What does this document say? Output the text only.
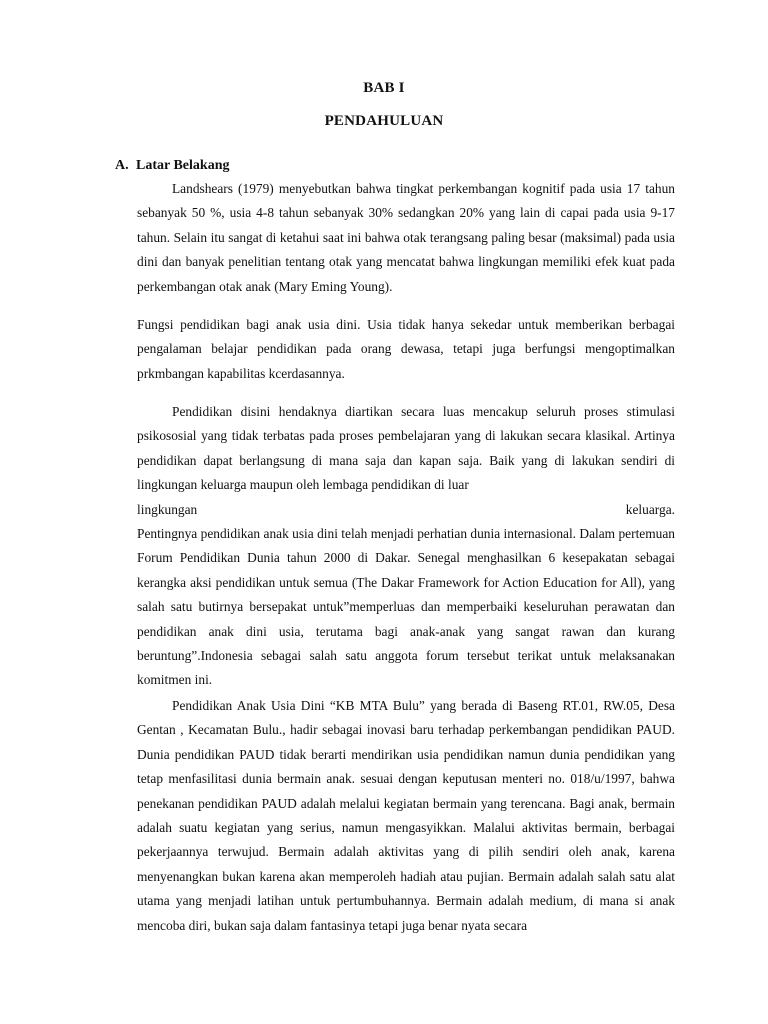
BAB I
PENDAHULUAN
A. Latar Belakang

Landshears (1979) menyebutkan bahwa tingkat perkembangan kognitif pada usia 17 tahun sebanyak 50 %, usia 4-8 tahun sebanyak 30% sedangkan 20% yang lain di capai pada usia 9-17 tahun. Selain itu sangat di ketahui saat ini bahwa otak terangsang paling besar (maksimal) pada usia dini dan banyak penelitian tentang otak yang mencatat bahwa lingkungan memiliki efek kuat pada perkembangan otak anak (Mary Eming Young).

Fungsi pendidikan bagi anak usia dini. Usia tidak hanya sekedar untuk memberikan berbagai pengalaman belajar pendidikan pada orang dewasa, tetapi juga berfungsi mengoptimalkan prkmbangan kapabilitas kcerdasannya.

Pendidikan disini hendaknya diartikan secara luas mencakup seluruh proses stimulasi psikososial yang tidak terbatas pada proses pembelajaran yang di lakukan secara klasikal. Artinya pendidikan dapat berlangsung di mana saja dan kapan saja. Baik yang di lakukan sendiri di lingkungan keluarga maupun oleh lembaga pendidikan di luar

lingkungan	keluarga.

Pentingnya pendidikan anak usia dini telah menjadi perhatian dunia internasional. Dalam pertemuan Forum Pendidikan Dunia tahun 2000 di Dakar. Senegal menghasilkan 6 kesepakatan sebagai kerangka aksi pendidikan untuk semua (The Dakar Framework for Action Education for All), yang salah satu butirnya bersepakat untuk”memperluas dan memperbaiki keseluruhan perawatan dan pendidikan anak dini usia, terutama bagi anak-anak yang sangat rawan dan kurang beruntung”.Indonesia sebagai salah satu anggota forum tersebut terikat untuk melaksanakan komitmen ini.

Pendidikan Anak Usia Dini “KB MTA Bulu” yang berada di Baseng RT.01, RW.05, Desa Gentan , Kecamatan Bulu., hadir sebagai inovasi baru terhadap perkembangan pendidikan PAUD. Dunia pendidikan PAUD tidak berarti mendirikan usia pendidikan namun dunia pendidikan yang tetap menfasilitasi dunia bermain anak. sesuai dengan keputusan menteri no. 018/u/1997, bahwa penekanan pendidikan PAUD adalah melalui kegiatan bermain yang terencana. Bagi anak, bermain adalah suatu kegiatan yang serius, namun mengasyikkan. Malalui aktivitas bermain, berbagai pekerjaannya terwujud. Bermain adalah aktivitas yang di pilih sendiri oleh anak, karena menyenangkan bukan karena akan memperoleh hadiah atau pujian. Bermain adalah salah satu alat utama yang menjadi latihan untuk pertumbuhannya. Bermain adalah medium, di mana si anak mencoba diri, bukan saja dalam fantasinya tetapi juga benar nyata secara
